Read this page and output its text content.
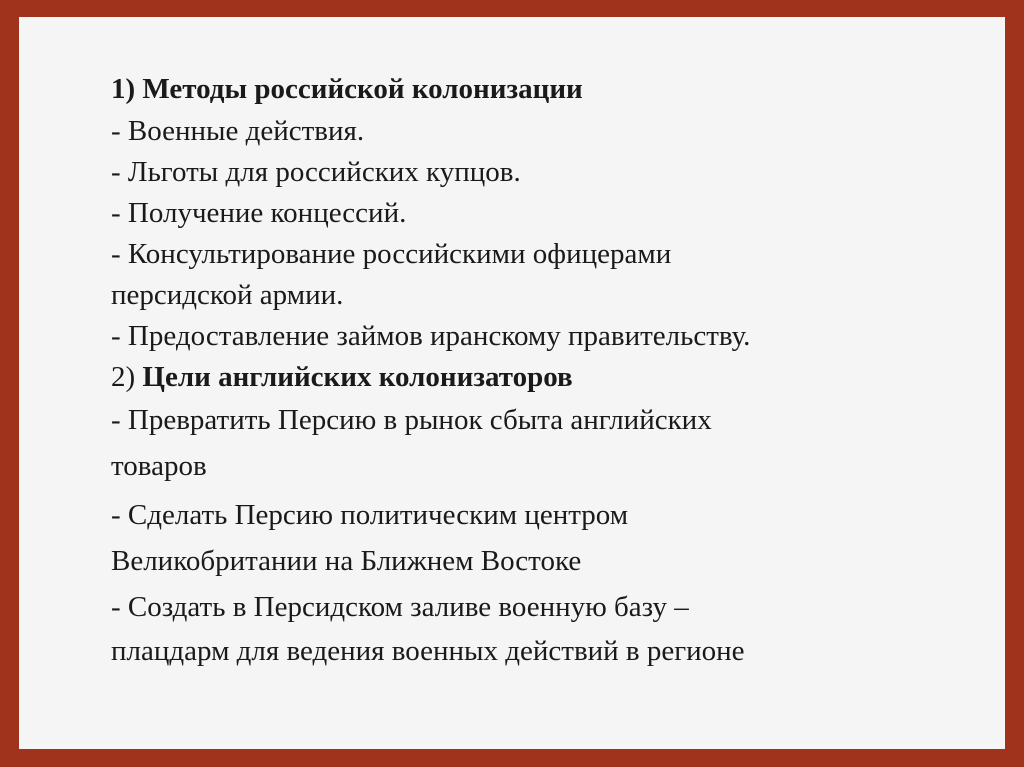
1) Методы российской колонизации

- Военные действия.

- Льготы для российских купцов.

- Получение концессий.

- Консультирование российскими офицерами

персидской армии.

- Предоставление займов иранскому правительству.

2) Цели английских колонизаторов

- Превратить Персию в рынок сбыта английских

товаров

- Сделать Персию политическим центром

Великобритании на Ближнем Востоке

- Создать в Персидском заливе военную базу –

плацдарм для ведения военных действий в регионе
